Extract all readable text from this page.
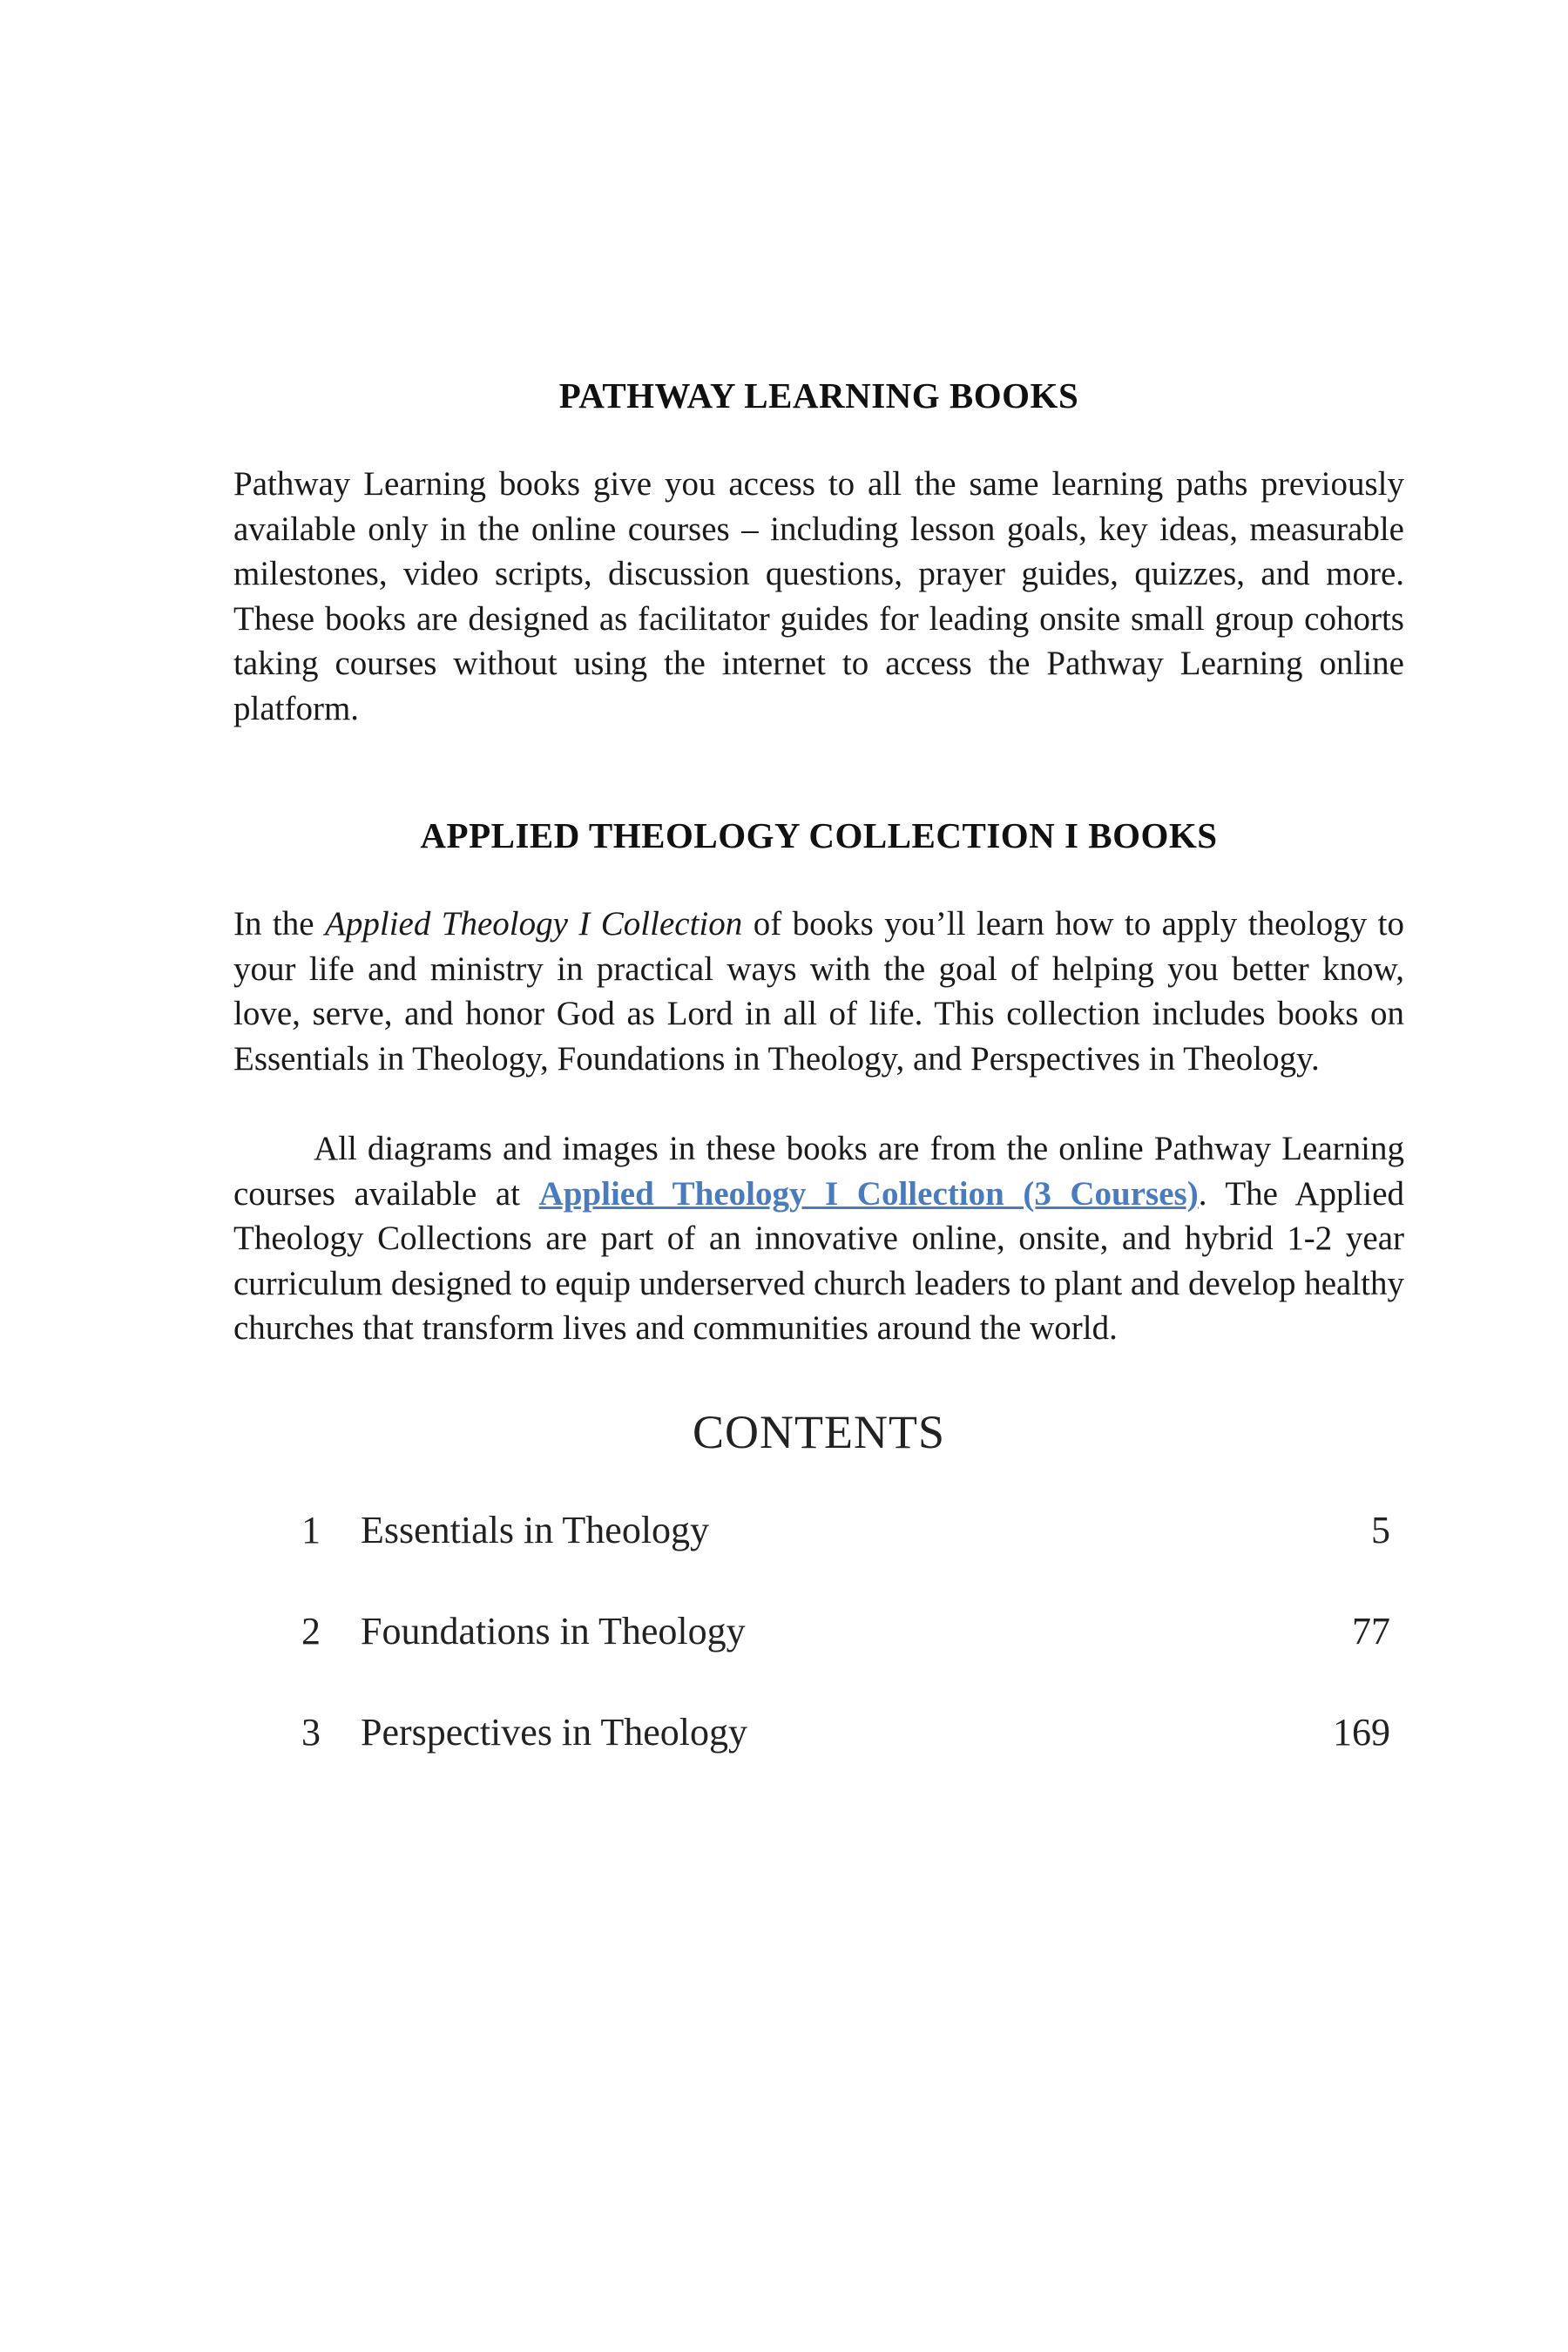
PATHWAY LEARNING BOOKS

Pathway Learning books give you access to all the same learning paths previously available only in the online courses – including lesson goals, key ideas, measurable milestones, video scripts, discussion questions, prayer guides, quizzes, and more. These books are designed as facilitator guides for leading onsite small group cohorts taking courses without using the internet to access the Pathway Learning online platform.

APPLIED THEOLOGY COLLECTION I BOOKS

In the Applied Theology I Collection of books you’ll learn how to apply theology to your life and ministry in practical ways with the goal of helping you better know, love, serve, and honor God as Lord in all of life. This collection includes books on Essentials in Theology, Foundations in Theology, and Perspectives in Theology.

All diagrams and images in these books are from the online Pathway Learning courses available at Applied Theology I Collection (3 Courses). The Applied Theology Collections are part of an innovative online, onsite, and hybrid 1-2 year curriculum designed to equip underserved church leaders to plant and develop healthy churches that transform lives and communities around the world.

CONTENTS
1	Essentials in Theology	5
2	Foundations in Theology	77
3	Perspectives in Theology	169
